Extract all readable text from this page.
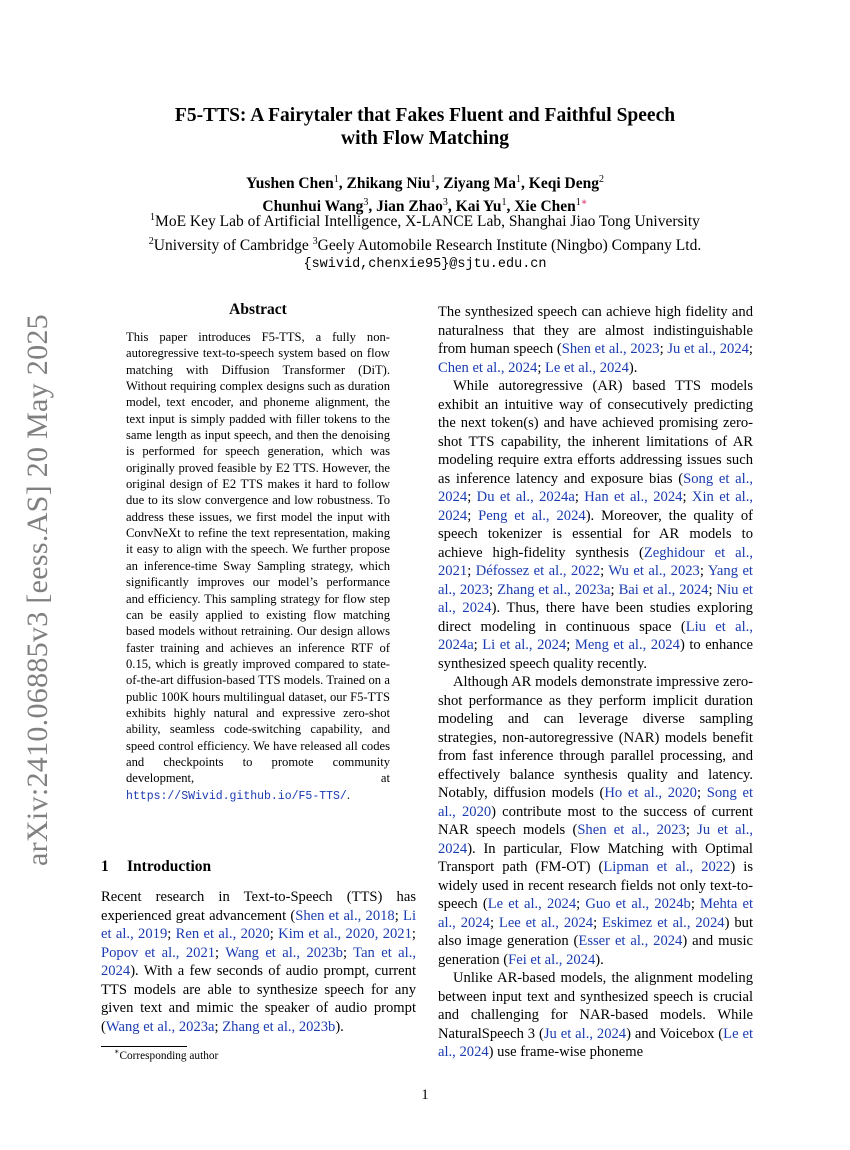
arXiv:2410.06885v3 [eess.AS] 20 May 2025
F5-TTS: A Fairytaler that Fakes Fluent and Faithful Speech
with Flow Matching
Yushen Chen$^1$, Zhikang Niu$^1$, Ziyang Ma$^1$, Keqi Deng$^2$
Chunhui Wang$^3$, Jian Zhao$^3$, Kai Yu$^1$, Xie Chen$^{1∗}$
$^1$MoE Key Lab of Artificial Intelligence, X-LANCE Lab, Shanghai Jiao Tong University
$^2$University of Cambridge $^3$Geely Automobile Research Institute (Ningbo) Company Ltd.
{swivid,chenxie95}@sjtu.edu.cn
Abstract
This paper introduces F5-TTS, a fully non-autoregressive text-to-speech system based on flow matching with Diffusion Transformer (DiT). Without requiring complex designs such as duration model, text encoder, and phoneme alignment, the text input is simply padded with filler tokens to the same length as input speech, and then the denoising is performed for speech generation, which was originally proved feasible by E2 TTS. However, the original design of E2 TTS makes it hard to follow due to its slow convergence and low robustness. To address these issues, we first model the input with ConvNeXt to refine the text representation, making it easy to align with the speech. We further propose an inference-time Sway Sampling strategy, which significantly improves our model’s performance and efficiency. This sampling strategy for flow step can be easily applied to existing flow matching based models without retraining. Our design allows faster training and achieves an inference RTF of 0.15, which is greatly improved compared to state-of-the-art diffusion-based TTS models. Trained on a public 100K hours multilingual dataset, our F5-TTS exhibits highly natural and expressive zero-shot ability, seamless code-switching capability, and speed control efficiency. We have released all codes and checkpoints to promote community development, at https://SWivid.github.io/F5-TTS/.
1 Introduction

Recent research in Text-to-Speech (TTS) has experienced great advancement (Shen et al., 2018; Li et al., 2019; Ren et al., 2020; Kim et al., 2020, 2021; Popov et al., 2021; Wang et al., 2023b; Tan et al., 2024). With a few seconds of audio prompt, current TTS models are able to synthesize speech for any given text and mimic the speaker of audio prompt (Wang et al., 2023a; Zhang et al., 2023b).

The synthesized speech can achieve high fidelity and naturalness that they are almost indistinguishable from human speech (Shen et al., 2023; Ju et al., 2024; Chen et al., 2024; Le et al., 2024).

While autoregressive (AR) based TTS models exhibit an intuitive way of consecutively predicting the next token(s) and have achieved promising zero-shot TTS capability, the inherent limitations of AR modeling require extra efforts addressing issues such as inference latency and exposure bias (Song et al., 2024; Du et al., 2024a; Han et al., 2024; Xin et al., 2024; Peng et al., 2024). Moreover, the quality of speech tokenizer is essential for AR models to achieve high-fidelity synthesis (Zeghidour et al., 2021; Défossez et al., 2022; Wu et al., 2023; Yang et al., 2023; Zhang et al., 2023a; Bai et al., 2024; Niu et al., 2024). Thus, there have been studies exploring direct modeling in continuous space (Liu et al., 2024a; Li et al., 2024; Meng et al., 2024) to enhance synthesized speech quality recently.

Although AR models demonstrate impressive zero-shot performance as they perform implicit duration modeling and can leverage diverse sampling strategies, non-autoregressive (NAR) models benefit from fast inference through parallel processing, and effectively balance synthesis quality and latency. Notably, diffusion models (Ho et al., 2020; Song et al., 2020) contribute most to the success of current NAR speech models (Shen et al., 2023; Ju et al., 2024). In particular, Flow Matching with Optimal Transport path (FM-OT) (Lipman et al., 2022) is widely used in recent research fields not only text-to-speech (Le et al., 2024; Guo et al., 2024b; Mehta et al., 2024; Lee et al., 2024; Eskimez et al., 2024) but also image generation (Esser et al., 2024) and music generation (Fei et al., 2024).

Unlike AR-based models, the alignment modeling between input text and synthesized speech is crucial and challenging for NAR-based models. While NaturalSpeech 3 (Ju et al., 2024) and Voicebox (Le et al., 2024) use frame-wise phoneme

∗Corresponding author
1
